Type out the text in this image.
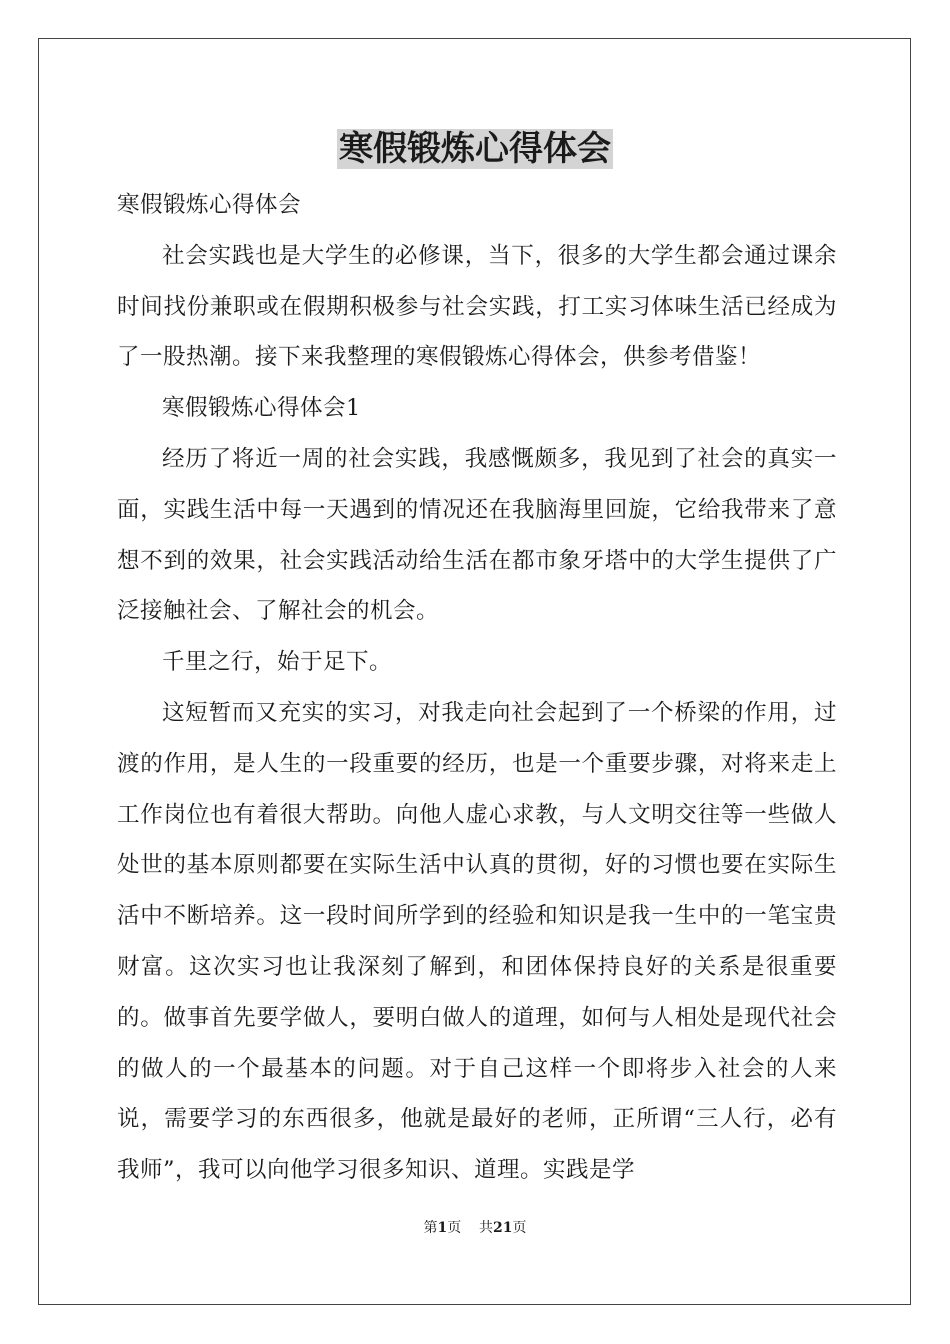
寒假锻炼心得体会

寒假锻炼心得体会

社会实践也是大学生的必修课，当下，很多的大学生都会通过课余时间找份兼职或在假期积极参与社会实践，打工实习体味生活已经成为了一股热潮。接下来我整理的寒假锻炼心得体会，供参考借鉴！

寒假锻炼心得体会1

经历了将近一周的社会实践，我感慨颇多，我见到了社会的真实一面，实践生活中每一天遇到的情况还在我脑海里回旋，它给我带来了意想不到的效果，社会实践活动给生活在都市象牙塔中的大学生提供了广泛接触社会、了解社会的机会。

千里之行，始于足下。

这短暂而又充实的实习，对我走向社会起到了一个桥梁的作用，过渡的作用，是人生的一段重要的经历，也是一个重要步骤，对将来走上工作岗位也有着很大帮助。向他人虚心求教，与人文明交往等一些做人处世的基本原则都要在实际生活中认真的贯彻，好的习惯也要在实际生活中不断培养。这一段时间所学到的经验和知识是我一生中的一笔宝贵财富。这次实习也让我深刻了解到，和团体保持良好的关系是很重要的。做事首先要学做人，要明白做人的道理，如何与人相处是现代社会的做人的一个最基本的问题。对于自己这样一个即将步入社会的人来说，需要学习的东西很多，他就是最好的老师，正所谓“三人行，必有我师”，我可以向他学习很多知识、道理。实践是学

第1页 共21页
